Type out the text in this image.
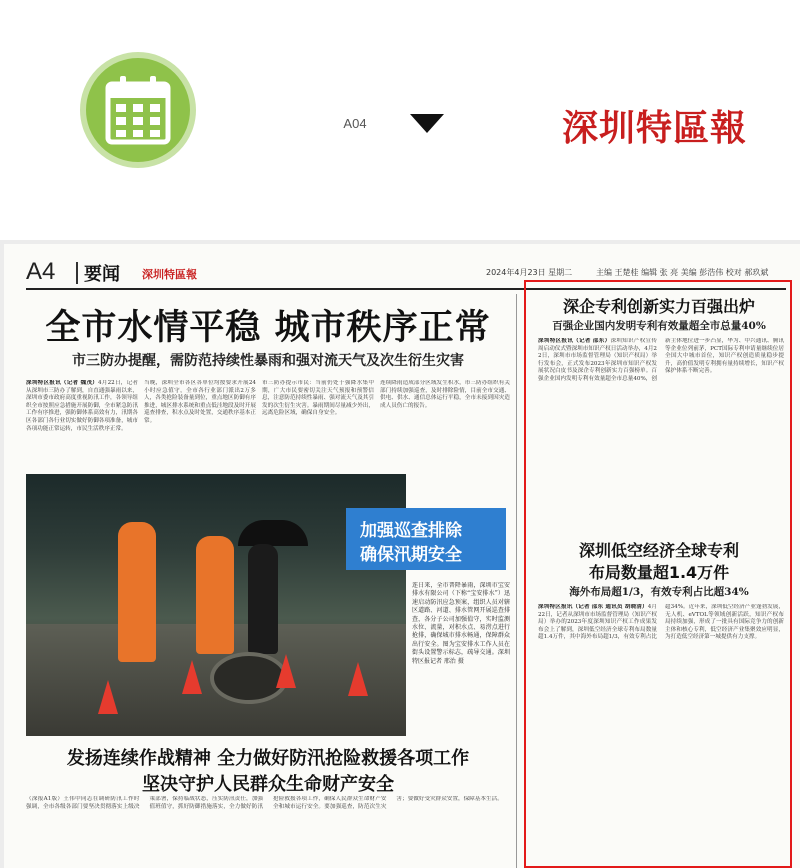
A04	深圳特區報
A4 要闻 深圳特區報	2024年4月23日 星期二	主编 王楚桂 编辑 张 亮 美编 彭浩伟 校对 郝玖斌
全市水情平稳 城市秩序正常
市三防办提醒，需防范持续性暴雨和强对流天气及次生衍生灾害
深圳特区报讯（记者 魏茂）4月22日，记者从深圳市三防办了解到，自直通强暴雨以来，深圳市委市政府高度重视防汛工作，各领导组织全市按照应急措施开展防御，全市紧急防汛工作有序推进，强防御体系高效有力，汛期各区各部门各行业切实做好防御各项准备，城市各项功能正常运转，市民生活秩序正常。
当晚，深圳全市各区各单位均按要求开展24小时应急值守，全市各行业部门派出2万多人，各类抢险装备量到位，重点地区防御有序推进，城区排水系统和重点低洼地段及时开展巡查排查，积水点及时处置，交通秩序基本正常。
市三防办提示市民：当前仍处于强降水集中期，广大市民要密切关注天气预报和预警信息，注意防范持续性暴雨、强对流天气及其引发的次生衍生灾害。暴雨期间尽量减少外出，远离危险区域，确保自身安全。
连续降雨造成部分区域发生积水，市三防办组织有关部门持续加强巡查，及时排除险情，目前全市交通、供电、供水、通信总体运行平稳，全市未接到因灾造成人员伤亡的报告。
加强巡查排除
确保汛期安全
连日来，全市普降暴雨，深圳市宝安排水有限公司（下称“宝安排水”）迅速启动防汛应急预案，组织人员对辖区道路、河道、排水管网开展巡查排查，各分子公司加强值守，实时监测水位、流量，对积水点、易涝点进行抢排，确保城市排水畅通，保障群众出行安全。图为宝安排水工作人员在街头设置警示标志，疏导交通。深圳特区报记者 邢治 摄
发扬连续作战精神 全力做好防汛抢险救援各项工作
坚决守护人民群众生命财产安全
（深报A1版）王伟中同志在调研防汛工作时强调，全市各级各部门要坚决贯彻落实上级决策部署，保持临战状态，压实防汛责任，加强值班值守，抓好防御措施落实，全力做好防汛抢险救援各项工作，确保人民群众生命财产安全和城市运行安全。要加强巡查，防范次生灾害；要做好受灾群众安置，保障基本生活。
深企专利创新实力百强出炉
百强企业国内发明专利有效量超全市总量40%
深圳特区报讯（记者 邵东）深圳知识产权宣传周启动仪式暨深圳市知识产权日活动举办，4月22日，深圳市市场监督管理局（知识产权局）举行发布会，正式发布2023年深圳市知识产权发展状况白皮书及深企专利创新实力百强榜单。百强企业国内发明专利有效量超全市总量40%，创新主体地位进一步凸显，华为、中兴通讯、腾讯等企业位列前茅，PCT国际专利申请量继续位居全国大中城市首位，知识产权创造质量稳步提升，高价值发明专利拥有量持续增长，知识产权保护体系不断完善。
深圳低空经济全球专利
布局数量超1.4万件
海外布局超1/3，有效专利占比超34%
深圳特区报讯（记者 邵东 通讯员 胡晓清）4月22日，记者从深圳市市场监督管理局（知识产权局）举办的2023年度深圳知识产权工作成果发布会上了解到，深圳低空经济全球专利布局数量超1.4万件，其中海外布局超1/3，有效专利占比超34%。近年来，深圳低空经济产业蓬勃发展，无人机、eVTOL等领域创新活跃，知识产权布局持续加强，形成了一批具有国际竞争力的创新主体和核心专利，低空经济产业集聚效应明显，为打造低空经济第一城提供有力支撑。
